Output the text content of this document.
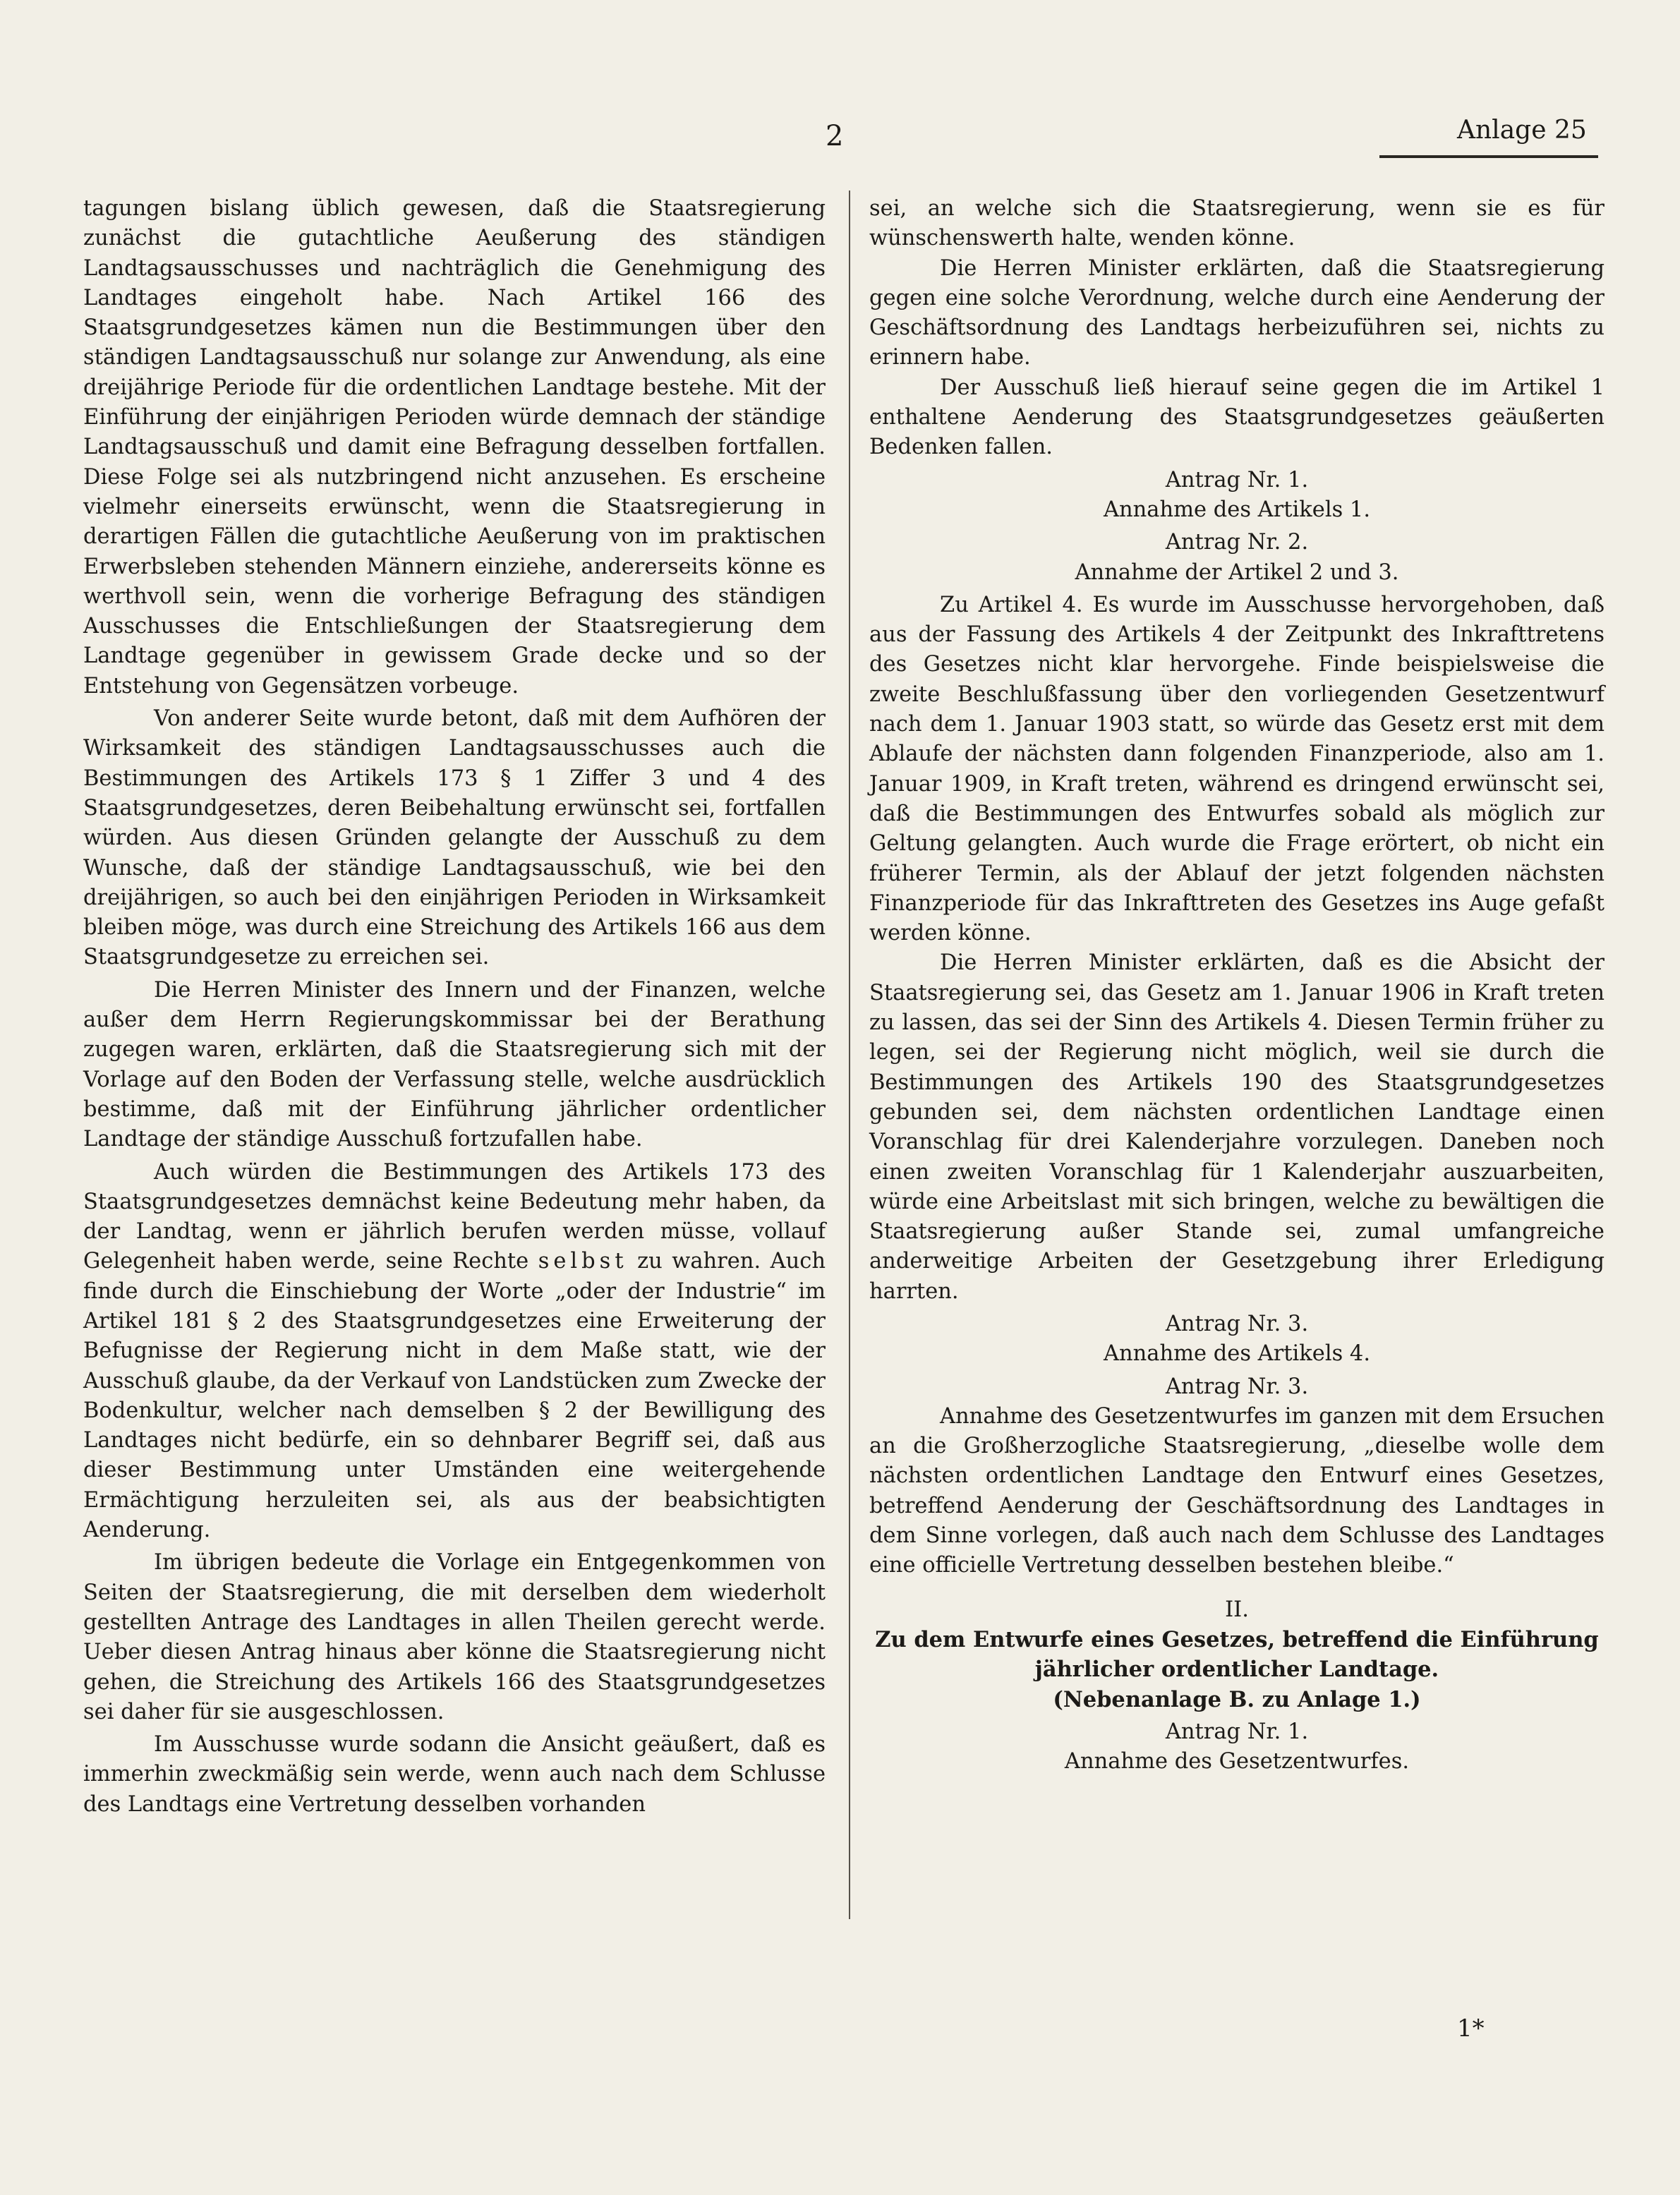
2	Anlage 25

tagungen bislang üblich gewesen, daß die Staatsregierung zunächst die gutachtliche Aeußerung des ständigen Landtagsausschusses und nachträglich die Genehmigung des Landtages eingeholt habe. Nach Artikel 166 des Staatsgrundgesetzes kämen nun die Bestimmungen über den ständigen Landtagsausschuß nur solange zur Anwendung, als eine dreijährige Periode für die ordentlichen Landtage bestehe. Mit der Einführung der einjährigen Perioden würde demnach der ständige Landtagsausschuß und damit eine Befragung desselben fortfallen. Diese Folge sei als nutzbringend nicht anzusehen. Es erscheine vielmehr einerseits erwünscht, wenn die Staatsregierung in derartigen Fällen die gutachtliche Aeußerung von im praktischen Erwerbsleben stehenden Männern einziehe, andererseits könne es werthvoll sein, wenn die vorherige Befragung des ständigen Ausschusses die Entschließungen der Staatsregierung dem Landtage gegenüber in gewissem Grade decke und so der Entstehung von Gegensätzen vorbeuge.

Von anderer Seite wurde betont, daß mit dem Aufhören der Wirksamkeit des ständigen Landtagsausschusses auch die Bestimmungen des Artikels 173 § 1 Ziffer 3 und 4 des Staatsgrundgesetzes, deren Beibehaltung erwünscht sei, fortfallen würden. Aus diesen Gründen gelangte der Ausschuß zu dem Wunsche, daß der ständige Landtagsausschuß, wie bei den dreijährigen, so auch bei den einjährigen Perioden in Wirksamkeit bleiben möge, was durch eine Streichung des Artikels 166 aus dem Staatsgrundgesetze zu erreichen sei.

Die Herren Minister des Innern und der Finanzen, welche außer dem Herrn Regierungskommissar bei der Berathung zugegen waren, erklärten, daß die Staatsregierung sich mit der Vorlage auf den Boden der Verfassung stelle, welche ausdrücklich bestimme, daß mit der Einführung jährlicher ordentlicher Landtage der ständige Ausschuß fortzufallen habe.

Auch würden die Bestimmungen des Artikels 173 des Staatsgrundgesetzes demnächst keine Bedeutung mehr haben, da der Landtag, wenn er jährlich berufen werden müsse, vollauf Gelegenheit haben werde, seine Rechte selbst zu wahren. Auch finde durch die Einschiebung der Worte „oder der Industrie“ im Artikel 181 § 2 des Staatsgrundgesetzes eine Erweiterung der Befugnisse der Regierung nicht in dem Maße statt, wie der Ausschuß glaube, da der Verkauf von Landstücken zum Zwecke der Bodenkultur, welcher nach demselben § 2 der Bewilligung des Landtages nicht bedürfe, ein so dehnbarer Begriff sei, daß aus dieser Bestimmung unter Umständen eine weitergehende Ermächtigung herzuleiten sei, als aus der beabsichtigten Aenderung.

Im übrigen bedeute die Vorlage ein Entgegenkommen von Seiten der Staatsregierung, die mit derselben dem wiederholt gestellten Antrage des Landtages in allen Theilen gerecht werde. Ueber diesen Antrag hinaus aber könne die Staatsregierung nicht gehen, die Streichung des Artikels 166 des Staatsgrundgesetzes sei daher für sie ausgeschlossen.

Im Ausschusse wurde sodann die Ansicht geäußert, daß es immerhin zweckmäßig sein werde, wenn auch nach dem Schlusse des Landtags eine Vertretung desselben vorhanden

sei, an welche sich die Staatsregierung, wenn sie es für wünschenswerth halte, wenden könne.

Die Herren Minister erklärten, daß die Staatsregierung gegen eine solche Verordnung, welche durch eine Aenderung der Geschäftsordnung des Landtags herbeizuführen sei, nichts zu erinnern habe.

Der Ausschuß ließ hierauf seine gegen die im Artikel 1 enthaltene Aenderung des Staatsgrundgesetzes geäußerten Bedenken fallen.

Antrag Nr. 1.

Annahme des Artikels 1.

Antrag Nr. 2.

Annahme der Artikel 2 und 3.

Zu Artikel 4. Es wurde im Ausschusse hervorgehoben, daß aus der Fassung des Artikels 4 der Zeitpunkt des Inkrafttretens des Gesetzes nicht klar hervorgehe. Finde beispielsweise die zweite Beschlußfassung über den vorliegenden Gesetzentwurf nach dem 1. Januar 1903 statt, so würde das Gesetz erst mit dem Ablaufe der nächsten dann folgenden Finanzperiode, also am 1. Januar 1909, in Kraft treten, während es dringend erwünscht sei, daß die Bestimmungen des Entwurfes sobald als möglich zur Geltung gelangten. Auch wurde die Frage erörtert, ob nicht ein früherer Termin, als der Ablauf der jetzt folgenden nächsten Finanzperiode für das Inkrafttreten des Gesetzes ins Auge gefaßt werden könne.

Die Herren Minister erklärten, daß es die Absicht der Staatsregierung sei, das Gesetz am 1. Januar 1906 in Kraft treten zu lassen, das sei der Sinn des Artikels 4. Diesen Termin früher zu legen, sei der Regierung nicht möglich, weil sie durch die Bestimmungen des Artikels 190 des Staatsgrundgesetzes gebunden sei, dem nächsten ordentlichen Landtage einen Voranschlag für drei Kalenderjahre vorzulegen. Daneben noch einen zweiten Voranschlag für 1 Kalenderjahr auszuarbeiten, würde eine Arbeitslast mit sich bringen, welche zu bewältigen die Staatsregierung außer Stande sei, zumal umfangreiche anderweitige Arbeiten der Gesetzgebung ihrer Erledigung harrten.

Antrag Nr. 3.

Annahme des Artikels 4.

Antrag Nr. 3.

Annahme des Gesetzentwurfes im ganzen mit dem Ersuchen an die Großherzogliche Staatsregierung, „dieselbe wolle dem nächsten ordentlichen Landtage den Entwurf eines Gesetzes, betreffend Aenderung der Geschäftsordnung des Landtages in dem Sinne vorlegen, daß auch nach dem Schlusse des Landtages eine officielle Vertretung desselben bestehen bleibe.“

II.

Zu dem Entwurfe eines Gesetzes, betreffend die Einführung jährlicher ordentlicher Landtage.

(Nebenanlage B. zu Anlage 1.)

Antrag Nr. 1.

Annahme des Gesetzentwurfes.

1*
